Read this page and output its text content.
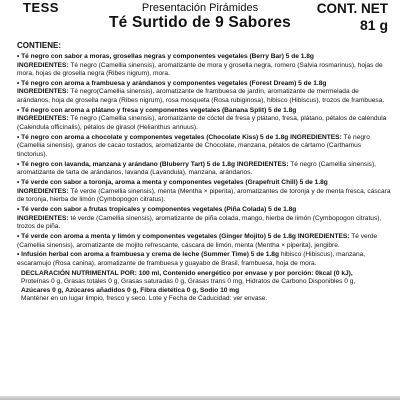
TESS	Presentación Pirámides
Té Surtido de 9 Sabores
CONT. NET
81 g
CONTIENE:
• Té negro con sabor a moras, grosellas negras y componentes vegetales (Berry Bar) 5 de 1.8g
INGREDIENTES: Té negro (Camellia sinensis), aromatizante de mora y grosella negra, romero (Salvia rosmarinus), hojas de mora, hojas de grosella negra (Ribes nigrum), mora.
• Té negro con aroma a frambuesa y arándanos y componentes vegetales (Forest Dream) 5 de 1.8g
INGREDIENTES: Té negro(Camellia sinensis), aromatizante de frambuesa de jardín, aromatizante de mermelada de arándanos, hoja de grosella negra (Ribes nigrum), rosa mosqueta (Rosa rubiginosa), hibisco (Hibiscus), trozos de frambuesa.
• Té negro con aroma a plátano y fresa y componentes vegetales (Banana Split) 5 de 1.8g
INGREDIENTES: Té negro (Camellia sinensis), aromatizante de cóctel de fresa y plátano, fresa, plátano, pétalos de caléndula (Calendula officinalis), pétalos de girasol (Helianthus annuus).
• Té negro con aroma a chocolate y componentes vegetales (Chocolate Kiss) 5 de 1.8g INGREDIENTES: Té negro (Camellia sinensis), granos de cacao tostados, aromatizante de Chocolate, manzana, pétalos de cártamo (Carthamus tinctorius).
• Té negro con lavanda, manzana y arándano (Bluberry Tart) 5 de 1.8g INGREDIENTES: Té negro (Camellia sinensis), aromatizante de tarta de arándanos, lavanda (Lavandula), manzana, arándanos.
• Té verde con sabor a toronja, aroma a menta y componentes vegetales (Grapefruit Chill) 5 de 1.8g
INGREDIENTES: Té verde (Camellia sinensis), menta (Mentha × piperita), aromatizantes de toronja y de menta fresca, cáscara de toronja, hierba de limón (Cymbopogon citratus).
• Té verde con sabor a frutas tropicales y componentes vegetales (Piña Colada) 5 de 1.8g
INGREDIENTES: té verde (Camellia sinensis), aromatizante de piña colada, mango, hierba de limón (Cymbopogon citratus), trozos de piña.
• Té verde con aroma a menta y limón y componentes vegetales (Ginger Mojito) 5 de 1.8g INGREDIENTES: Té verde (Camellia sinensis), aromatizante de mojito refrescante, cáscara de limón, menta (Mentha × piperita), jengibre.
• Infusión herbal con aroma a frambuesa y crema de leche (Summer Time) 5 de 1.8g hibisco (Hibiscus), manzana, escaramujo (Rosa canina), aromatizante de frambuesa y guayabo de Brasil, frambuesa, hoja de mora.
DECLARACIÓN NUTRIMENTAL POR: 100 ml, Contenido energético por envase y por porción: 0kcal (0 kJ),
Proteínas 0 g, Grasas totales 0 g, Grasas saturadas 0 g, Grasas trans 0 mg, Hidratos de Carbono Disponibles 0 g,
Azúcares 0 g, Azúcares añadidos 0 g, Fibra dietética 0 g, Sodio 10 mg
Manténer en un lugar limpio, fresco y seco. Lote y Fecha de Caducidad: ver envase.
